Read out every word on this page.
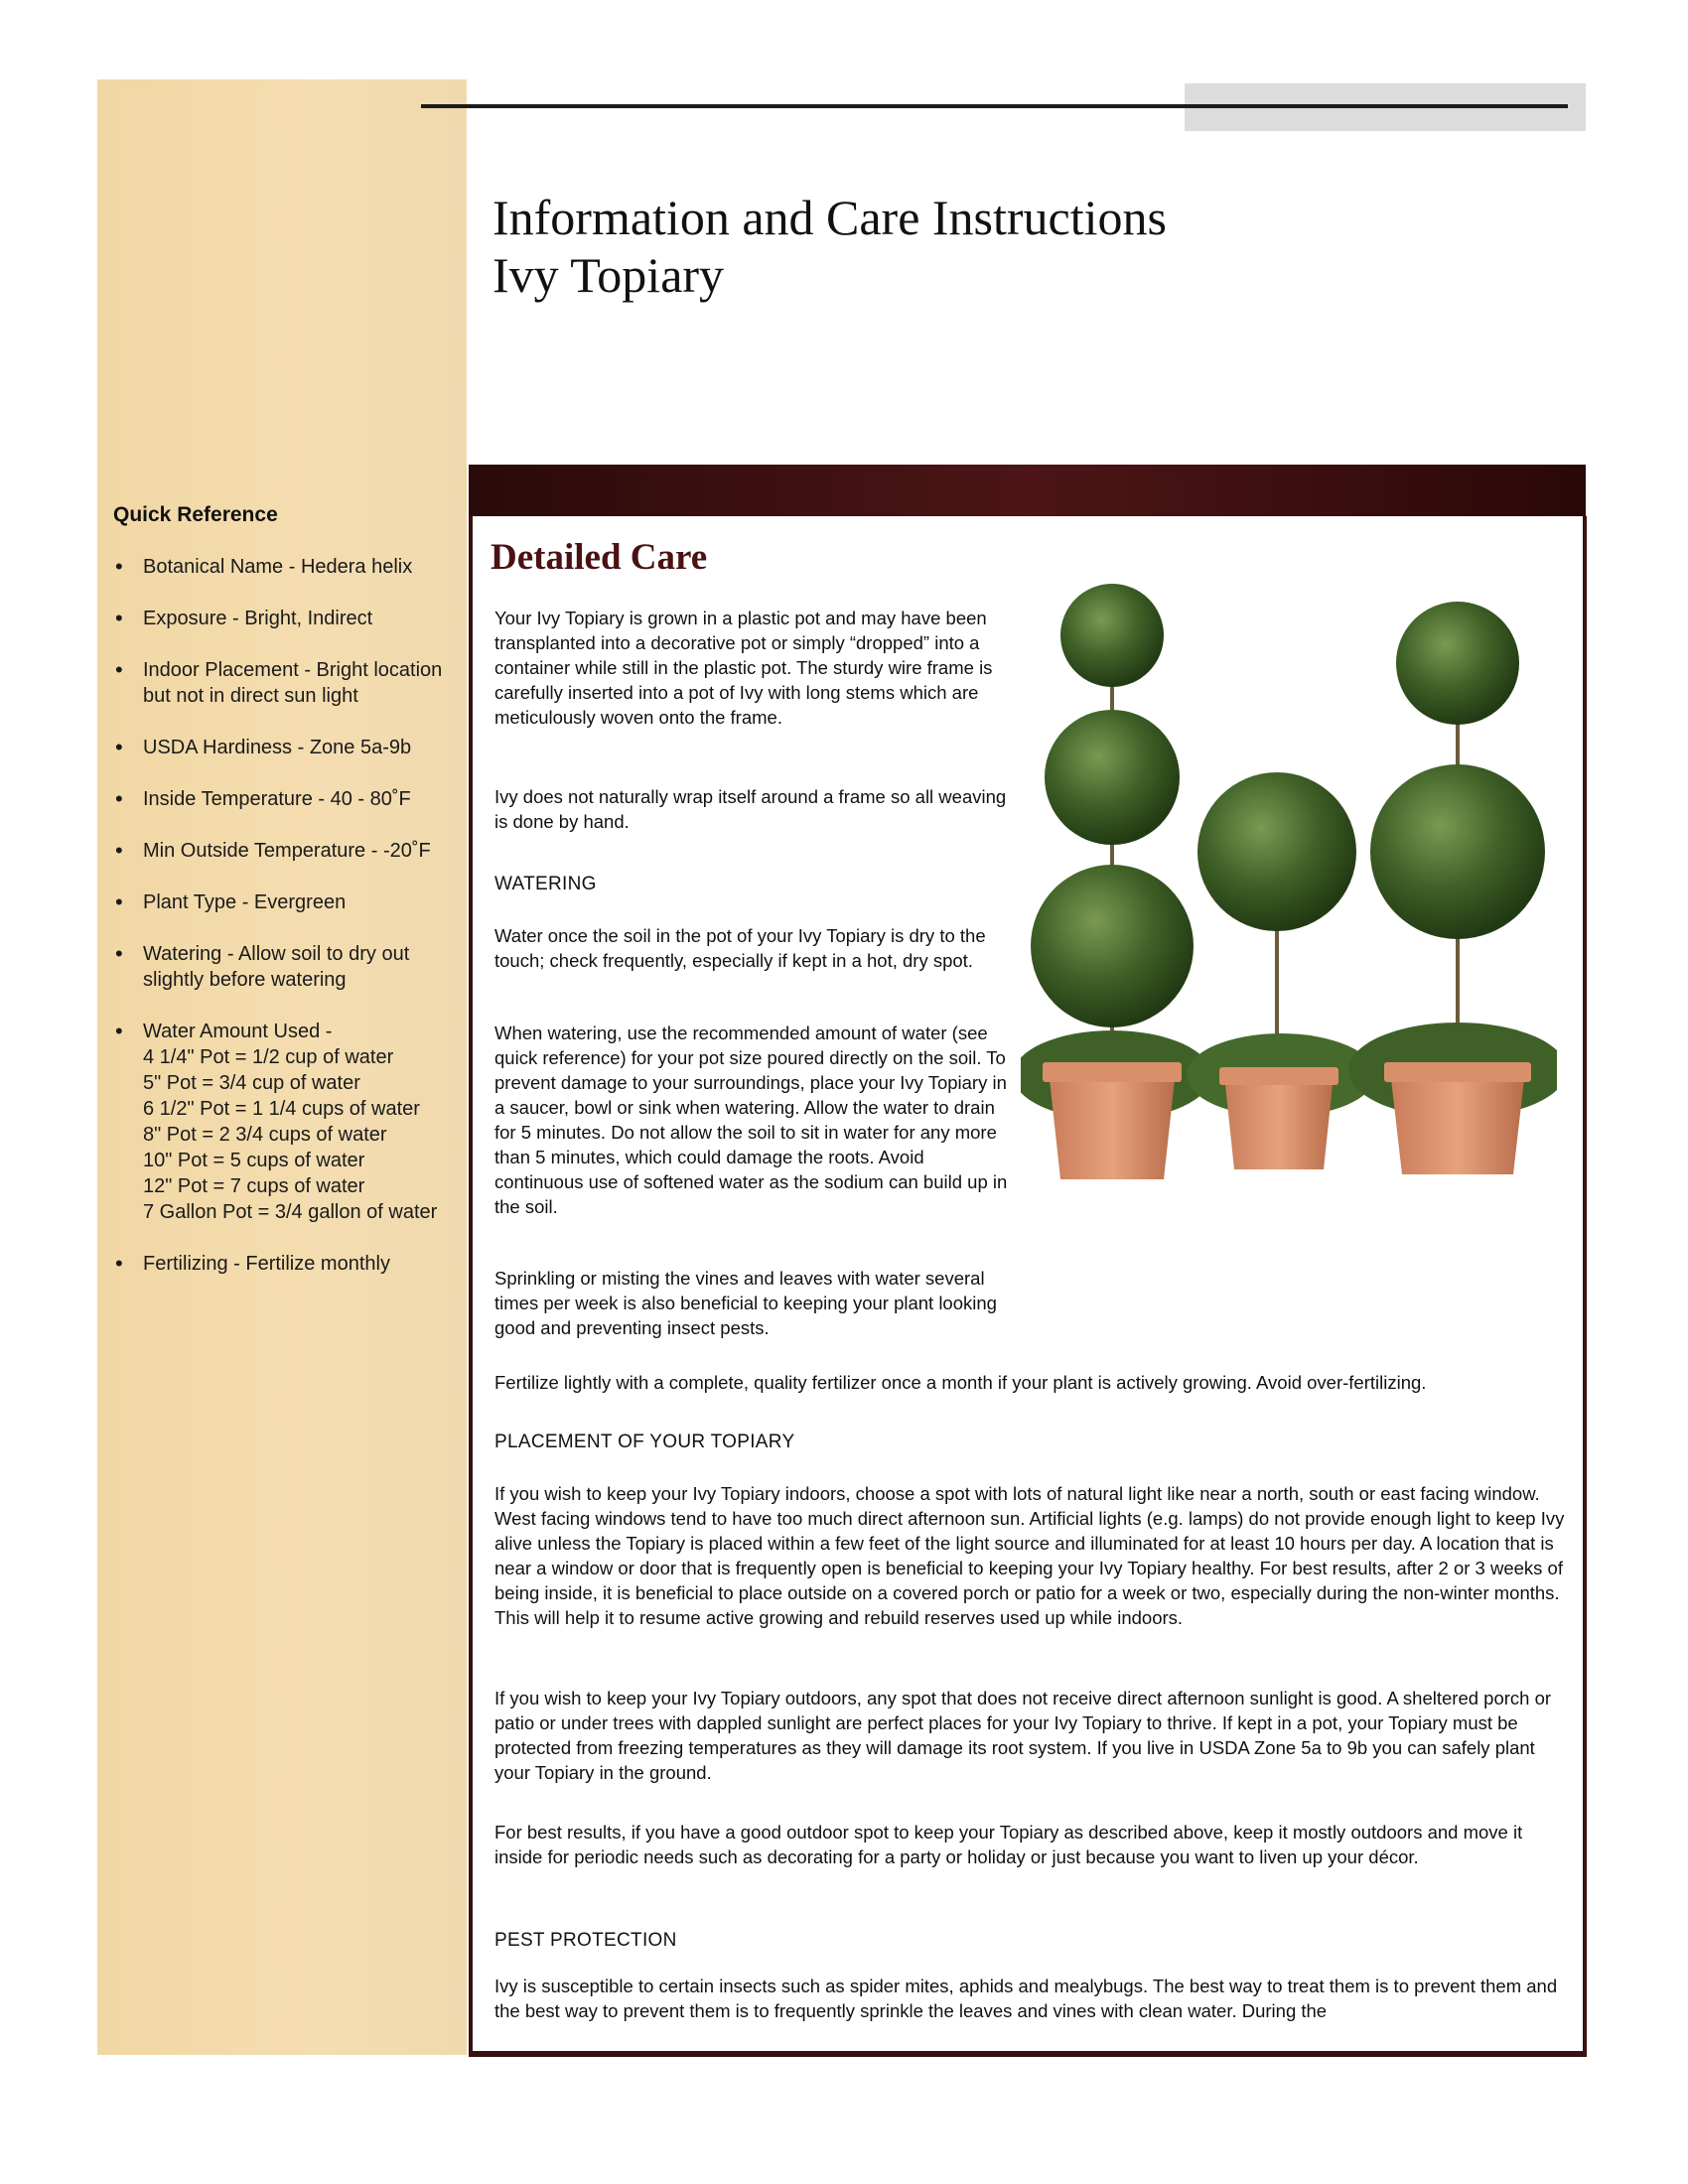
Quick Reference
• Botanical Name - Hedera helix
• Exposure - Bright, Indirect
• Indoor Placement - Bright location
but not in direct sun light
• USDA Hardiness - Zone 5a-9b
• Inside Temperature - 40 - 80˚F
• Min Outside Temperature - -20˚F
• Plant Type - Evergreen
• Watering - Allow soil to dry out
slightly before watering
• Water Amount Used -
4 1/4" Pot = 1/2 cup of water
5" Pot = 3/4 cup of water
6 1/2" Pot = 1 1/4 cups of water
8" Pot = 2 3/4 cups of water
10" Pot = 5 cups of water
12" Pot = 7 cups of water
7 Gallon Pot = 3/4 gallon of water
• Fertilizing - Fertilize monthly
Information and Care Instructions
Ivy Topiary
Detailed Care

Your Ivy Topiary is grown in a plastic pot and may have been transplanted into a decorative pot or simply “dropped” into a container while still in the plastic pot. The sturdy wire frame is carefully inserted into a pot of Ivy with long stems which are meticulously woven onto the frame.

Ivy does not naturally wrap itself around a frame so all weaving is done by hand.

WATERING

Water once the soil in the pot of your Ivy Topiary is dry to the touch; check frequently, especially if kept in a hot, dry spot.

When watering, use the recommended amount of water (see quick reference) for your pot size poured directly on the soil. To prevent damage to your surroundings, place your Ivy Topiary in a saucer, bowl or sink when watering. Allow the water to drain for 5 minutes. Do not allow the soil to sit in water for any more than 5 minutes, which could damage the roots. Avoid continuous use of softened water as the sodium can build up in the soil.

Sprinkling or misting the vines and leaves with water several times per week is also beneficial to keeping your plant looking good and preventing insect pests.

Fertilize lightly with a complete, quality fertilizer once a month if your plant is actively growing. Avoid over-fertilizing.

PLACEMENT OF YOUR TOPIARY

If you wish to keep your Ivy Topiary indoors, choose a spot with lots of natural light like near a north, south or east facing window. West facing windows tend to have too much direct afternoon sun. Artificial lights (e.g. lamps) do not provide enough light to keep Ivy alive unless the Topiary is placed within a few feet of the light source and illuminated for at least 10 hours per day. A location that is near a window or door that is frequently open is beneficial to keeping your Ivy Topiary healthy. For best results, after 2 or 3 weeks of being inside, it is beneficial to place outside on a covered porch or patio for a week or two, especially during the non-winter months. This will help it to resume active growing and rebuild reserves used up while indoors.

If you wish to keep your Ivy Topiary outdoors, any spot that does not receive direct afternoon sunlight is good. A sheltered porch or patio or under trees with dappled sunlight are perfect places for your Ivy Topiary to thrive. If kept in a pot, your Topiary must be protected from freezing temperatures as they will damage its root system. If you live in USDA Zone 5a to 9b you can safely plant your Topiary in the ground.

For best results, if you have a good outdoor spot to keep your Topiary as described above, keep it mostly outdoors and move it inside for periodic needs such as decorating for a party or holiday or just because you want to liven up your décor.

PEST PROTECTION

Ivy is susceptible to certain insects such as spider mites, aphids and mealybugs. The best way to treat them is to prevent them and the best way to prevent them is to frequently sprinkle the leaves and vines with clean water. During the
